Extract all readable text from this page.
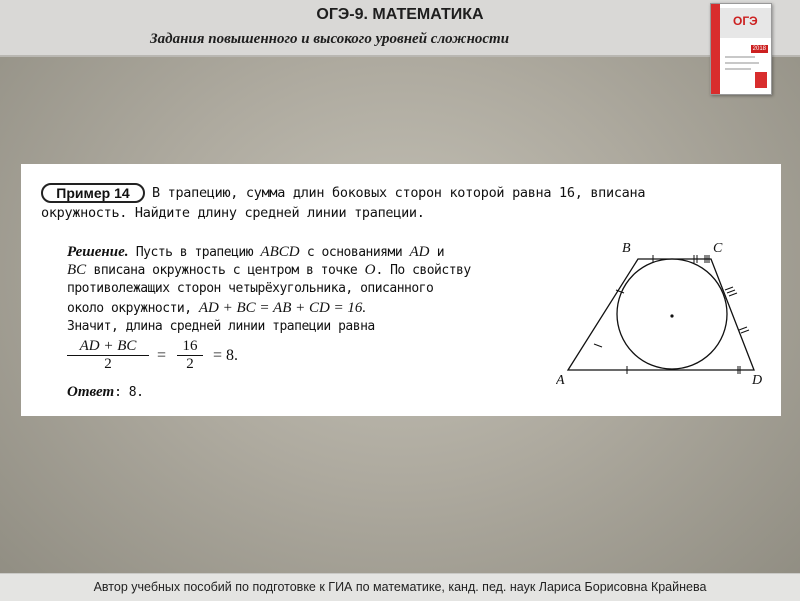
ОГЭ-9. МАТЕМАТИКА
Задания повышенного и высокого уровней сложности
ОГЭ
2018
Пример 14	В трапецию, сумма длин боковых сторон которой равна 16, вписана
окружность. Найдите длину средней линии трапеции.
Решение. Пусть в трапецию ABCD с основаниями AD и
BC вписана окружность с центром в точке O. По свойству
противолежащих сторон четырёхугольника, описанного
около окружности, AD + BC = AB + CD = 16.
Значит, длина средней линии трапеции равна
$\frac{AD + BC}{2} = \frac{16}{2} = 8$.
Ответ: 8.
B	C
A	D
Автор учебных пособий по подготовке к ГИА по математике, канд. пед. наук Лариса Борисовна Крайнева
